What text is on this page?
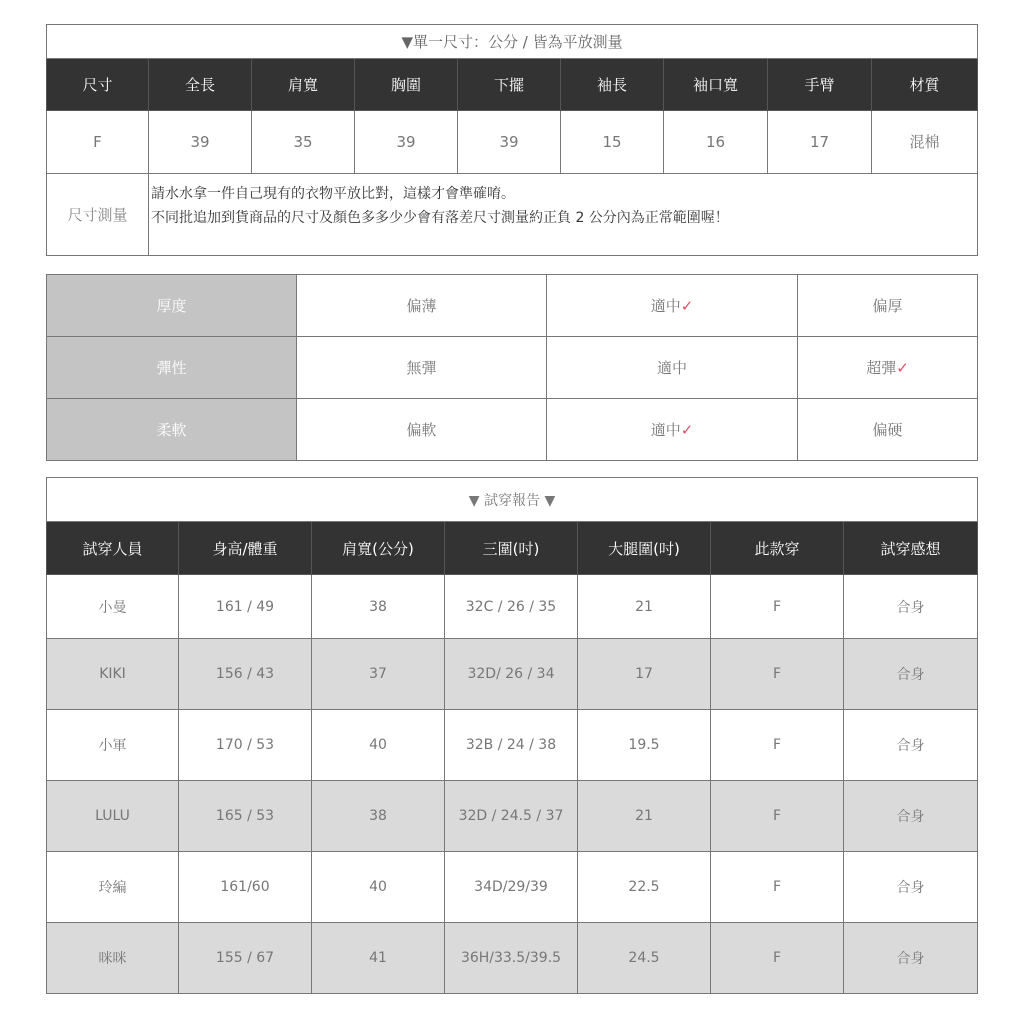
▼單一尺寸：公分 / 皆為平放測量								
尺寸	全長	肩寬	胸圍	下擺	袖長	袖口寬	手臂	材質
F	39	35	39	39	15	16	17	混棉
尺寸測量	請水水拿一件自己現有的衣物平放比對，這樣才會準確唷。
不同批追加到貨商品的尺寸及顏色多多少少會有落差尺寸測量約正負 2 公分內為正常範圍喔！							
厚度	偏薄	適中✓	偏厚
彈性	無彈	適中	超彈✓
柔軟	偏軟	適中✓	偏硬
▼ 試穿報告 ▼						
試穿人員	身高/體重	肩寬(公分)	三圍(吋)	大腿圍(吋)	此款穿	試穿感想
小曼	161 / 49	38	32C / 26 / 35	21	F	合身
KIKI	156 / 43	37	32D/ 26 / 34	17	F	合身
小軍	170 / 53	40	32B / 24 / 38	19.5	F	合身
LULU	165 / 53	38	32D / 24.5 / 37	21	F	合身
玲編	161/60	40	34D/29/39	22.5	F	合身
咪咪	155 / 67	41	36H/33.5/39.5	24.5	F	合身
